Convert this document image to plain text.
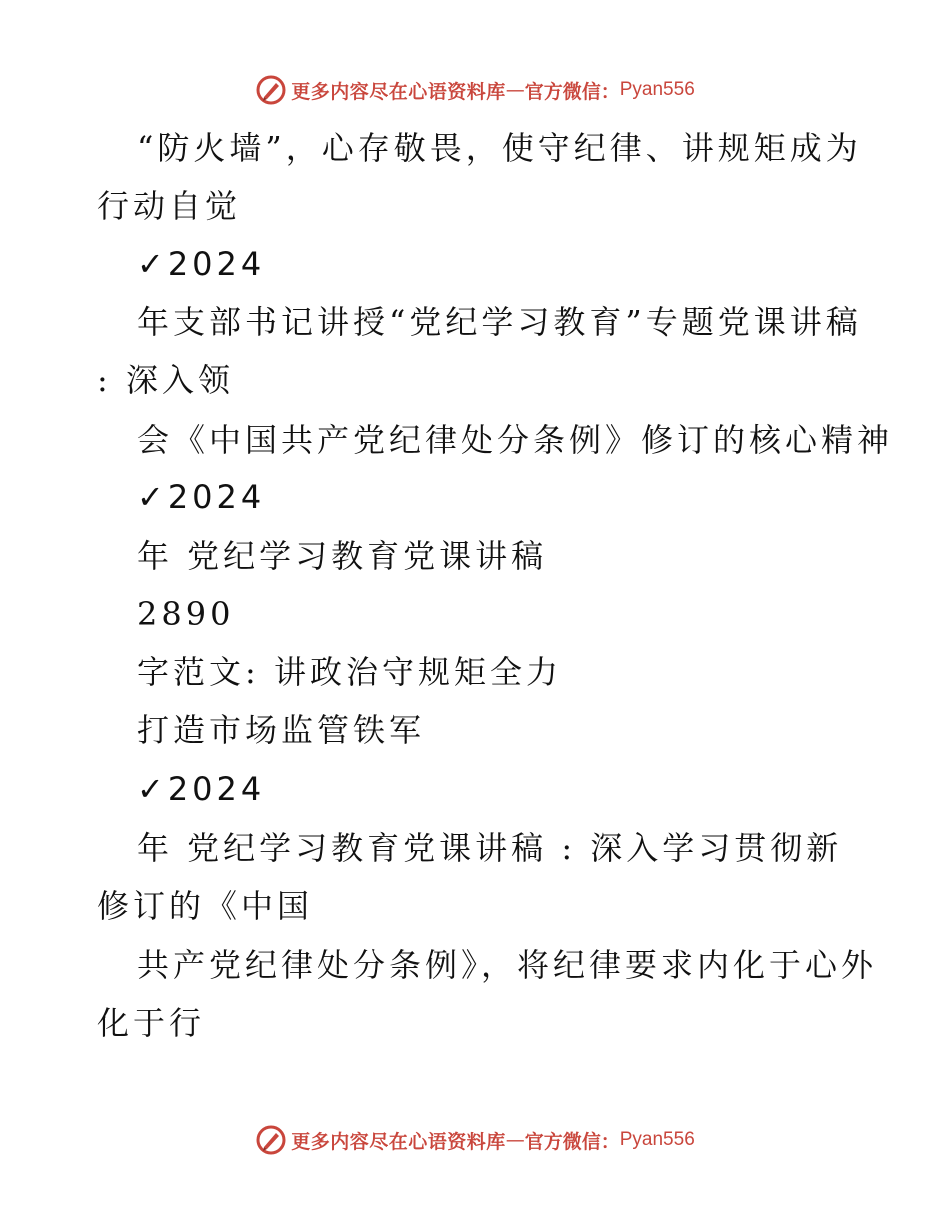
更多内容尽在心语资料库 — 官方微信： Pyan556
“防火墙”，心存敬畏，使守纪律、讲规矩成为
行动自觉
✓2024
年支部书记讲授“党纪学习教育”专题党课讲稿
: 深入领
会《中国共产党纪律处分条例》修订的核心精神
✓2024
年 党纪学习教育党课讲稿
2890
字范文: 讲政治守规矩全力
打造市场监管铁军
✓2024
年 党纪学习教育党课讲稿 : 深入学习贯彻新
修订的《中国
共产党纪律处分条例》，将纪律要求内化于心外
化于行
更多内容尽在心语资料库 — 官方微信： Pyan556
